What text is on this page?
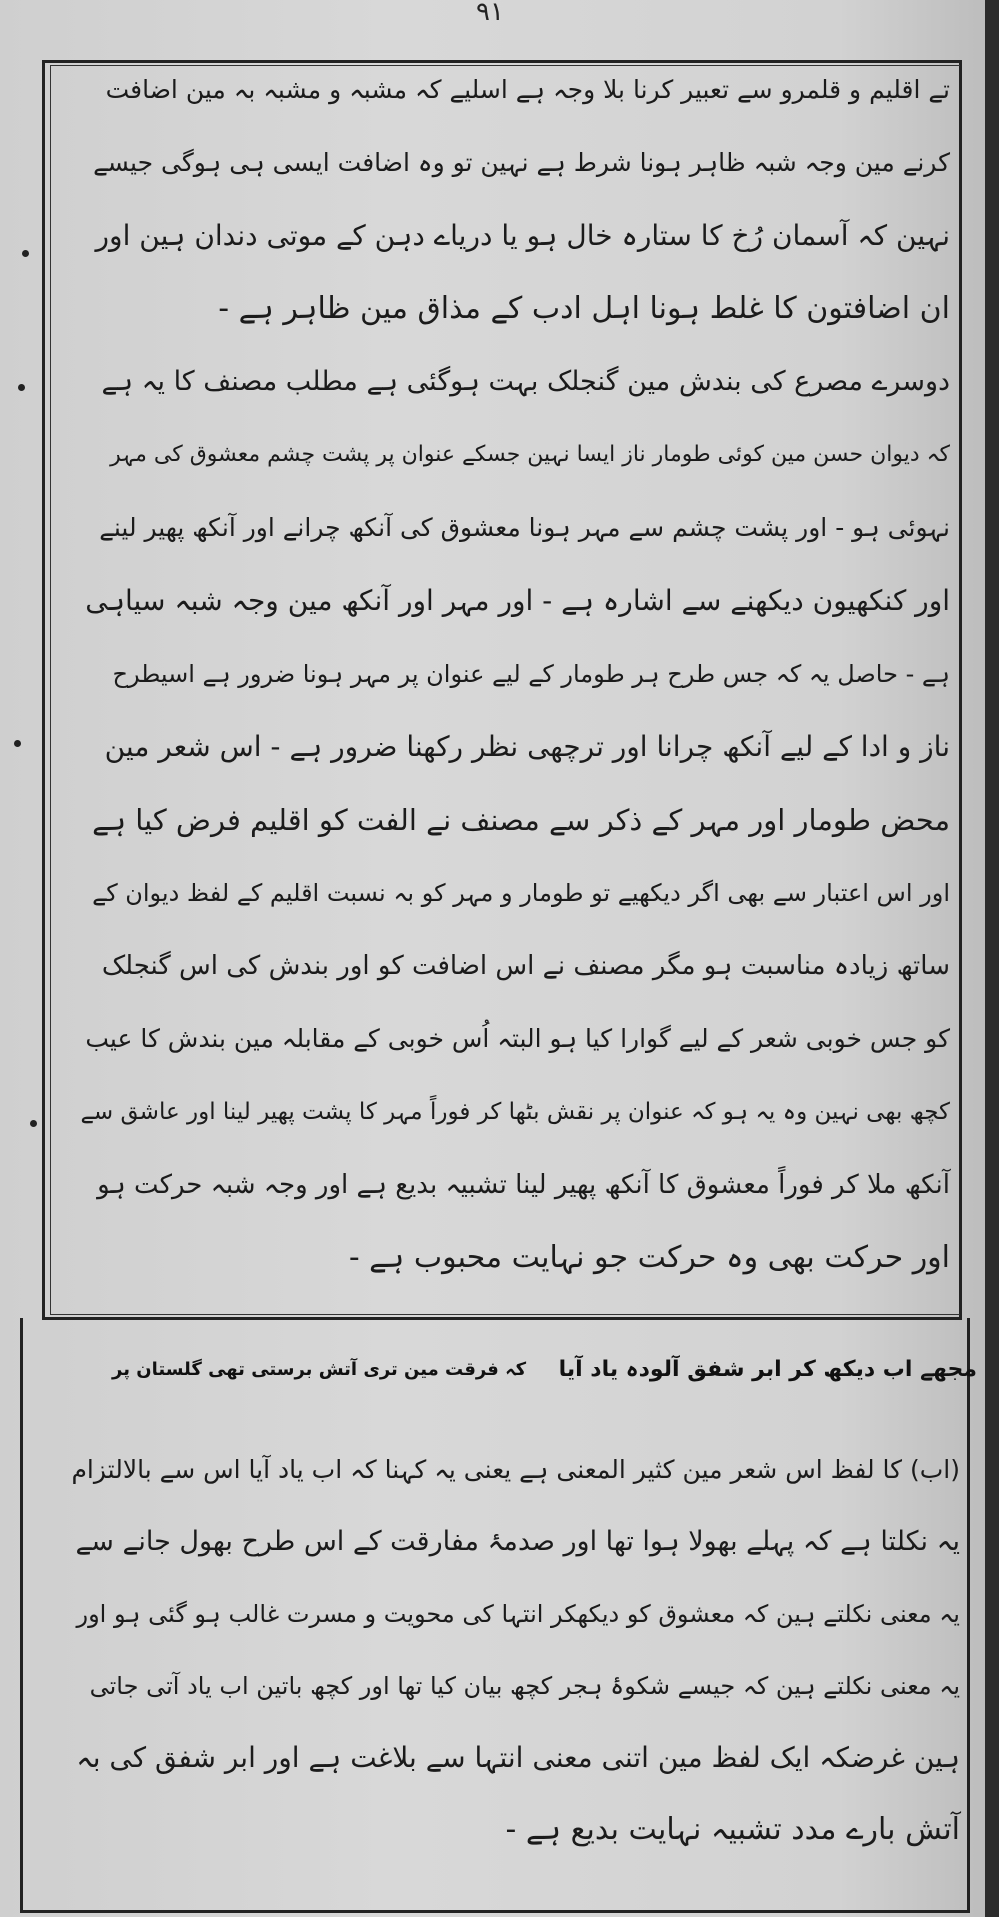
٩١
تے اقلیم و قلمرو سے تعبیر کرنا بلا وجہ ہے اسلیے کہ مشبہ و مشبہ بہ مین اضافت
کرنے مین وجہ شبہ ظاہر ہونا شرط ہے نہین تو وہ اضافت ایسی ہی ہوگی جیسے
نہین کہ آسمان رُخ کا ستارہ خال ہو یا دریاے دہن کے موتی دندان ہین اور
ان اضافتون کا غلط ہونا اہل ادب کے مذاق مین ظاہر ہے -
دوسرے مصرع کی بندش مین گنجلک بہت ہوگئی ہے مطلب مصنف کا یہ ہے
کہ دیوان حسن مین کوئی طومار ناز ایسا نہین جسکے عنوان پر پشت چشم معشوق کی مہر
نہوئی ہو - اور پشت چشم سے مہر ہونا معشوق کی آنکھ چرانے اور آنکھ پھیر لینے
اور کنکھیون دیکھنے سے اشارہ ہے - اور مہر اور آنکھ مین وجہ شبہ سیاہی
ہے - حاصل یہ کہ جس طرح ہر طومار کے لیے عنوان پر مہر ہونا ضرور ہے اسیطرح
ناز و ادا کے لیے آنکھ چرانا اور ترچھی نظر رکھنا ضرور ہے - اس شعر مین
محض طومار اور مہر کے ذکر سے مصنف نے الفت کو اقلیم فرض کیا ہے
اور اس اعتبار سے بھی اگر دیکھیے تو طومار و مہر کو بہ نسبت اقلیم کے لفظ دیوان کے
ساتھ زیادہ مناسبت ہو مگر مصنف نے اس اضافت کو اور بندش کی اس گنجلک
کو جس خوبی شعر کے لیے گوارا کیا ہو البتہ اُس خوبی کے مقابلہ مین بندش کا عیب
کچھ بھی نہین وہ یہ ہو کہ عنوان پر نقش بٹھا کر فوراً مہر کا پشت پھیر لینا اور عاشق سے
آنکھ ملا کر فوراً معشوق کا آنکھ پھیر لینا تشبیہ بدیع ہے اور وجہ شبہ حرکت ہو
اور حرکت بھی وہ حرکت جو نہایت محبوب ہے -
مجھے اب دیکھ کر ابر شفق آلودہ یاد آیا
کہ فرقت مین تری آتش برستی تھی گلستان پر
(اب) کا لفظ اس شعر مین کثیر المعنی ہے یعنی یہ کہنا کہ اب یاد آیا اس سے بالالتزام
یہ نکلتا ہے کہ پہلے بھولا ہوا تھا اور صدمۂ مفارقت کے اس طرح بھول جانے سے
یہ معنی نکلتے ہین کہ معشوق کو دیکھکر انتہا کی محویت و مسرت غالب ہو گئی ہو اور
یہ معنی نکلتے ہین کہ جیسے شکوۂ ہجر کچھ بیان کیا تھا اور کچھ باتین اب یاد آتی جاتی
ہین غرضکہ ایک لفظ مین اتنی معنی انتہا سے بلاغت ہے اور ابر شفق کی بہ
آتش بارے مدد تشبیہ نہایت بدیع ہے -
